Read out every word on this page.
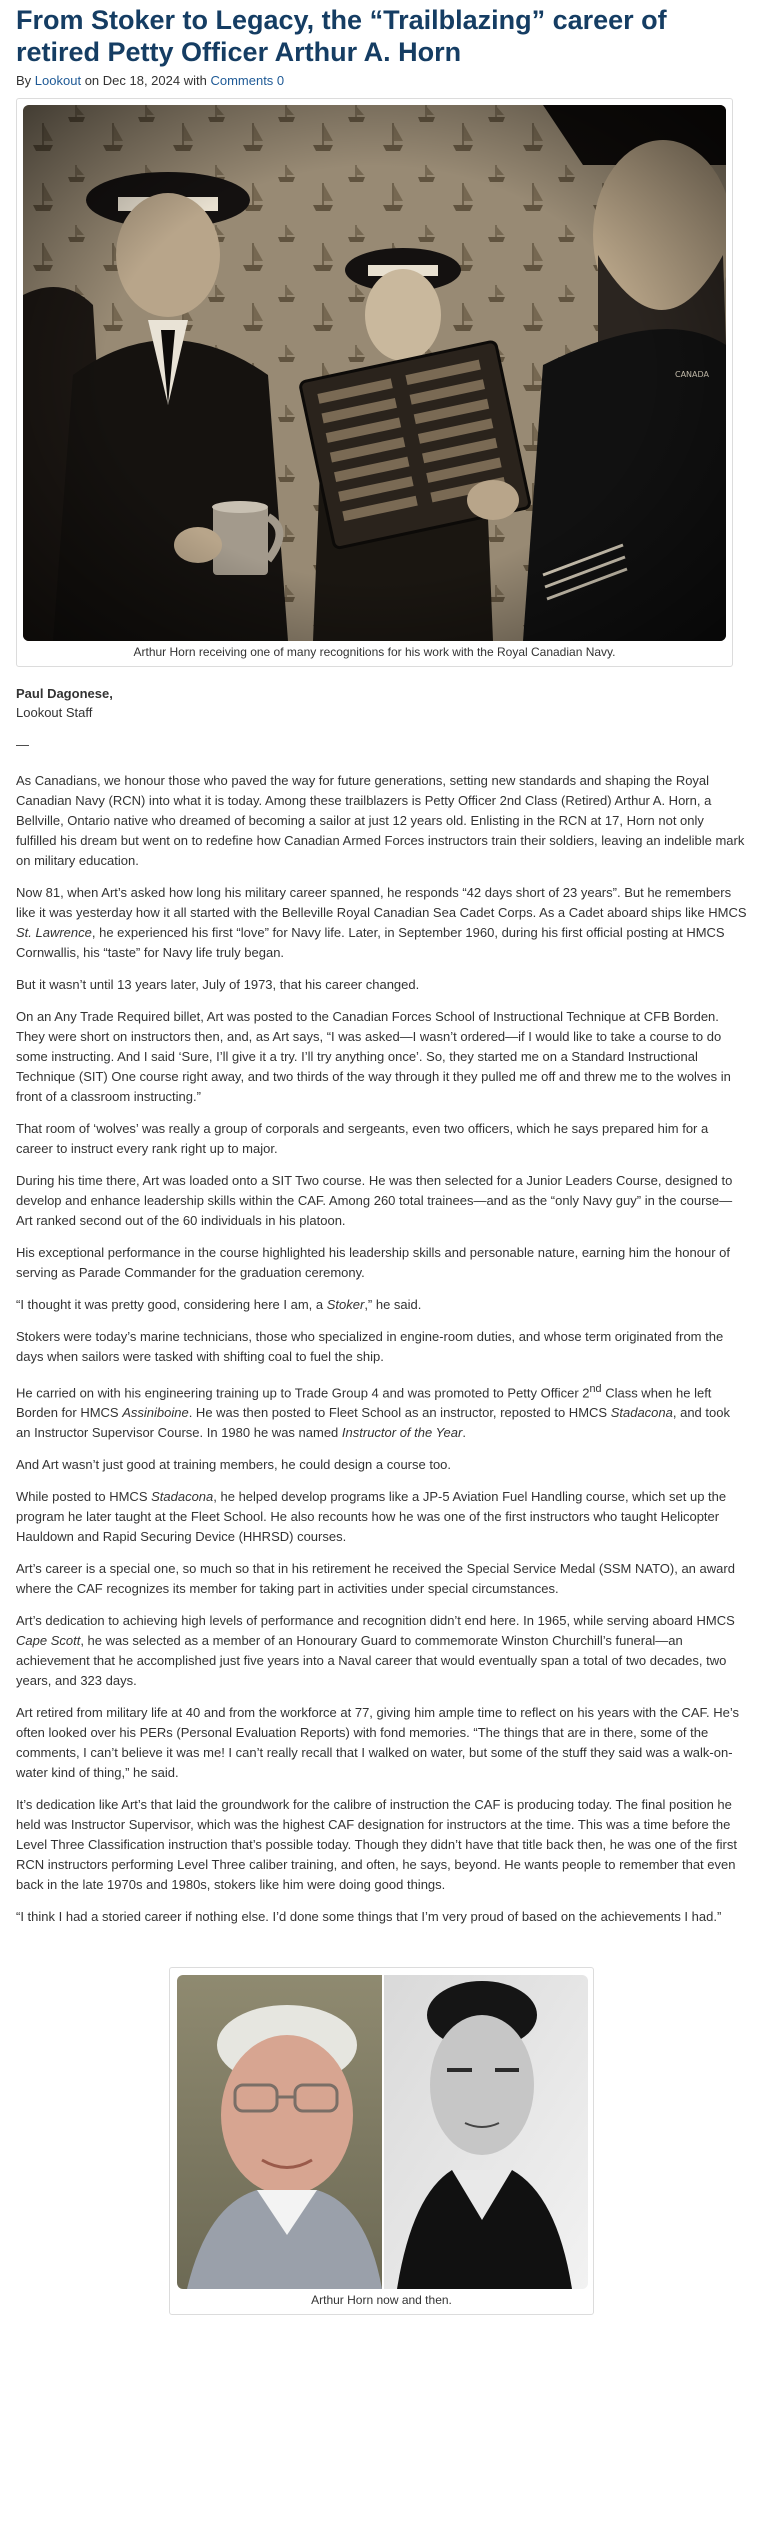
From Stoker to Legacy, the “Trailblazing” career of retired Petty Officer Arthur A. Horn
By Lookout on Dec 18, 2024 with Comments 0
Arthur Horn receiving one of many recognitions for his work with the Royal Canadian Navy.
Paul Dagonese,
Lookout Staff
—

As Canadians, we honour those who paved the way for future generations, setting new standards and shaping the Royal Canadian Navy (RCN) into what it is today. Among these trailblazers is Petty Officer 2nd Class (Retired) Arthur A. Horn, a Bellville, Ontario native who dreamed of becoming a sailor at just 12 years old. Enlisting in the RCN at 17, Horn not only fulfilled his dream but went on to redefine how Canadian Armed Forces instructors train their soldiers, leaving an indelible mark on military education.

Now 81, when Art’s asked how long his military career spanned, he responds “42 days short of 23 years”. But he remembers like it was yesterday how it all started with the Belleville Royal Canadian Sea Cadet Corps. As a Cadet aboard ships like HMCS St. Lawrence, he experienced his first “love” for Navy life. Later, in September 1960, during his first official posting at HMCS Cornwallis, his “taste” for Navy life truly began.

But it wasn’t until 13 years later, July of 1973, that his career changed.

On an Any Trade Required billet, Art was posted to the Canadian Forces School of Instructional Technique at CFB Borden. They were short on instructors then, and, as Art says, “I was asked—I wasn’t ordered—if I would like to take a course to do some instructing. And I said ‘Sure, I’ll give it a try. I’ll try anything once’. So, they started me on a Standard Instructional Technique (SIT) One course right away, and two thirds of the way through it they pulled me off and threw me to the wolves in front of a classroom instructing.”

That room of ‘wolves’ was really a group of corporals and sergeants, even two officers, which he says prepared him for a career to instruct every rank right up to major.

During his time there, Art was loaded onto a SIT Two course. He was then selected for a Junior Leaders Course, designed to develop and enhance leadership skills within the CAF. Among 260 total trainees—and as the “only Navy guy” in the course—Art ranked second out of the 60 individuals in his platoon.

His exceptional performance in the course highlighted his leadership skills and personable nature, earning him the honour of serving as Parade Commander for the graduation ceremony.

“I thought it was pretty good, considering here I am, a Stoker,” he said.

Stokers were today’s marine technicians, those who specialized in engine-room duties, and whose term originated from the days when sailors were tasked with shifting coal to fuel the ship.

He carried on with his engineering training up to Trade Group 4 and was promoted to Petty Officer 2nd Class when he left Borden for HMCS Assiniboine. He was then posted to Fleet School as an instructor, reposted to HMCS Stadacona, and took an Instructor Supervisor Course. In 1980 he was named Instructor of the Year.

And Art wasn’t just good at training members, he could design a course too.

While posted to HMCS Stadacona, he helped develop programs like a JP-5 Aviation Fuel Handling course, which set up the program he later taught at the Fleet School. He also recounts how he was one of the first instructors who taught Helicopter Hauldown and Rapid Securing Device (HHRSD) courses.

Art’s career is a special one, so much so that in his retirement he received the Special Service Medal (SSM NATO), an award where the CAF recognizes its member for taking part in activities under special circumstances.

Art’s dedication to achieving high levels of performance and recognition didn’t end here. In 1965, while serving aboard HMCS Cape Scott, he was selected as a member of an Honourary Guard to commemorate Winston Churchill’s funeral—an achievement that he accomplished just five years into a Naval career that would eventually span a total of two decades, two years, and 323 days.

Art retired from military life at 40 and from the workforce at 77, giving him ample time to reflect on his years with the CAF. He’s often looked over his PERs (Personal Evaluation Reports) with fond memories. “The things that are in there, some of the comments, I can’t believe it was me! I can’t really recall that I walked on water, but some of the stuff they said was a walk-on-water kind of thing,” he said.

It’s dedication like Art’s that laid the groundwork for the calibre of instruction the CAF is producing today. The final position he held was Instructor Supervisor, which was the highest CAF designation for instructors at the time. This was a time before the Level Three Classification instruction that’s possible today. Though they didn’t have that title back then, he was one of the first RCN instructors performing Level Three caliber training, and often, he says, beyond. He wants people to remember that even back in the late 1970s and 1980s, stokers like him were doing good things.

“I think I had a storied career if nothing else. I’d done some things that I’m very proud of based on the achievements I had.”

Arthur Horn now and then.
